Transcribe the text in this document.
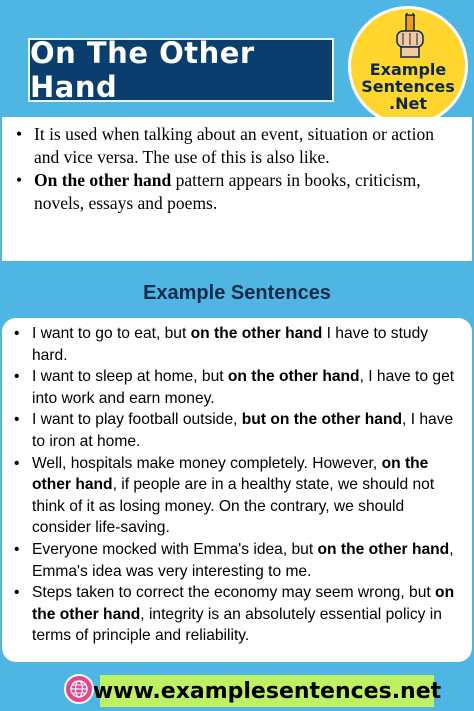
On The Other Hand
Example
Sentences
.Net
• It is used when talking about an event, situation or action and vice versa. The use of this is also like.
• On the other hand pattern appears in books, criticism, novels, essays and poems.
Example Sentences
• I want to go to eat, but on the other hand I have to study hard.
• I want to sleep at home, but on the other hand, I have to get into work and earn money.
• I want to play football outside, but on the other hand, I have to iron at home.
• Well, hospitals make money completely. However, on the other hand, if people are in a healthy state, we should not think of it as losing money. On the contrary, we should consider life-saving.
• Everyone mocked with Emma's idea, but on the other hand, Emma's idea was very interesting to me.
• Steps taken to correct the economy may seem wrong, but on the other hand, integrity is an absolutely essential policy in terms of principle and reliability.
www.examplesentences.net
